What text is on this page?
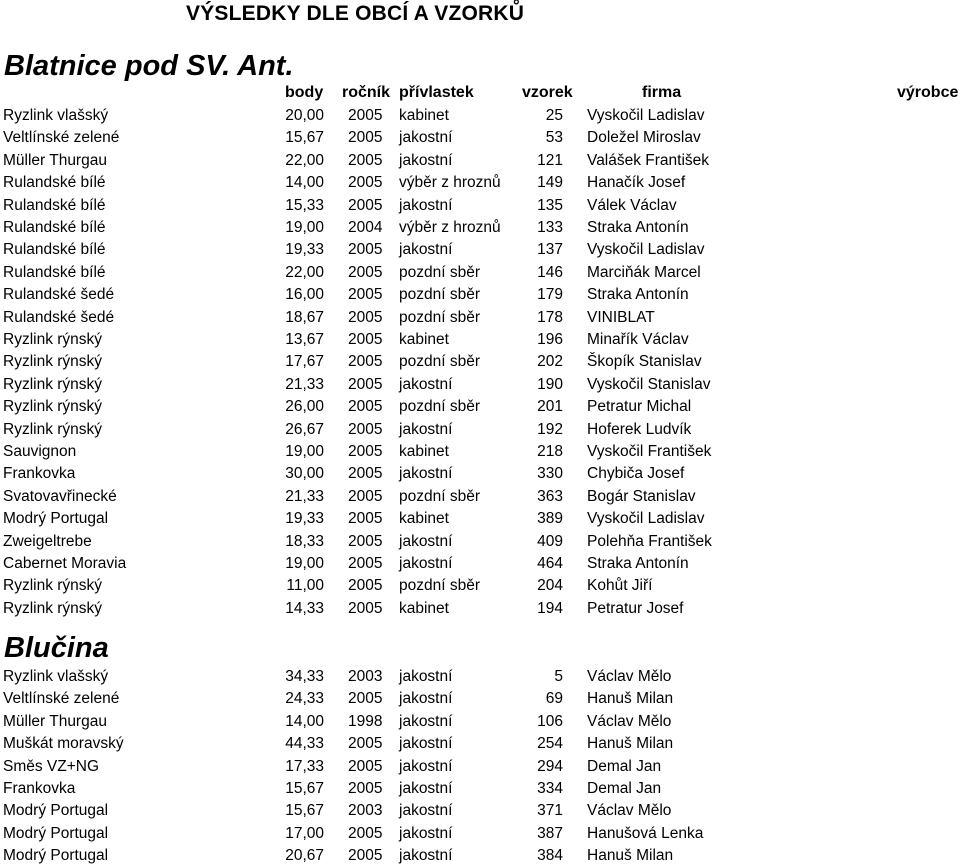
VÝSLEDKY DLE OBCÍ A VZORKŮ
Blatnice pod SV. Ant.
body ročník přívlastek	vzorek	firma	výrobce
Ryzlink vlašský	20,00 2005 kabinet	25 Vyskočil Ladislav
Veltlínské zelené	15,67 2005 jakostní	53 Doležel Miroslav
Müller Thurgau	22,00 2005 jakostní	121 Valášek František
Rulandské bílé	14,00 2005 výběr z hroznů	149 Hanačík Josef
Rulandské bílé	15,33 2005 jakostní	135 Válek Václav
Rulandské bílé	19,00 2004 výběr z hroznů	133 Straka Antonín
Rulandské bílé	19,33 2005 jakostní	137 Vyskočil Ladislav
Rulandské bílé	22,00 2005 pozdní sběr	146 Marciňák Marcel
Rulandské šedé	16,00 2005 pozdní sběr	179 Straka Antonín
Rulandské šedé	18,67 2005 pozdní sběr	178 VINIBLAT
Ryzlink rýnský	13,67 2005 kabinet	196 Minařík Václav
Ryzlink rýnský	17,67 2005 pozdní sběr	202 Škopík Stanislav
Ryzlink rýnský	21,33 2005 jakostní	190 Vyskočil Stanislav
Ryzlink rýnský	26,00 2005 pozdní sběr	201 Petratur Michal
Ryzlink rýnský	26,67 2005 jakostní	192 Hoferek Ludvík
Sauvignon	19,00 2005 kabinet	218 Vyskočil František
Frankovka	30,00 2005 jakostní	330 Chybiča Josef
Svatovavřinecké	21,33 2005 pozdní sběr	363 Bogár Stanislav
Modrý Portugal	19,33 2005 kabinet	389 Vyskočil Ladislav
Zweigeltrebe	18,33 2005 jakostní	409 Polehňa František
Cabernet Moravia	19,00 2005 jakostní	464 Straka Antonín
Ryzlink rýnský	11,00 2005 pozdní sběr	204 Kohůt Jiří
Ryzlink rýnský	14,33 2005 kabinet	194 Petratur Josef
Blučina
Ryzlink vlašský	34,33 2003 jakostní	5 Václav Mělo
Veltlínské zelené	24,33 2005 jakostní	69 Hanuš Milan
Müller Thurgau	14,00 1998 jakostní	106 Václav Mělo
Muškát moravský	44,33 2005 jakostní	254 Hanuš Milan
Směs VZ+NG	17,33 2005 jakostní	294 Demal Jan
Frankovka	15,67 2005 jakostní	334 Demal Jan
Modrý Portugal	15,67 2003 jakostní	371 Václav Mělo
Modrý Portugal	17,00 2005 jakostní	387 Hanušová Lenka
Modrý Portugal	20,67 2005 jakostní	384 Hanuš Milan
